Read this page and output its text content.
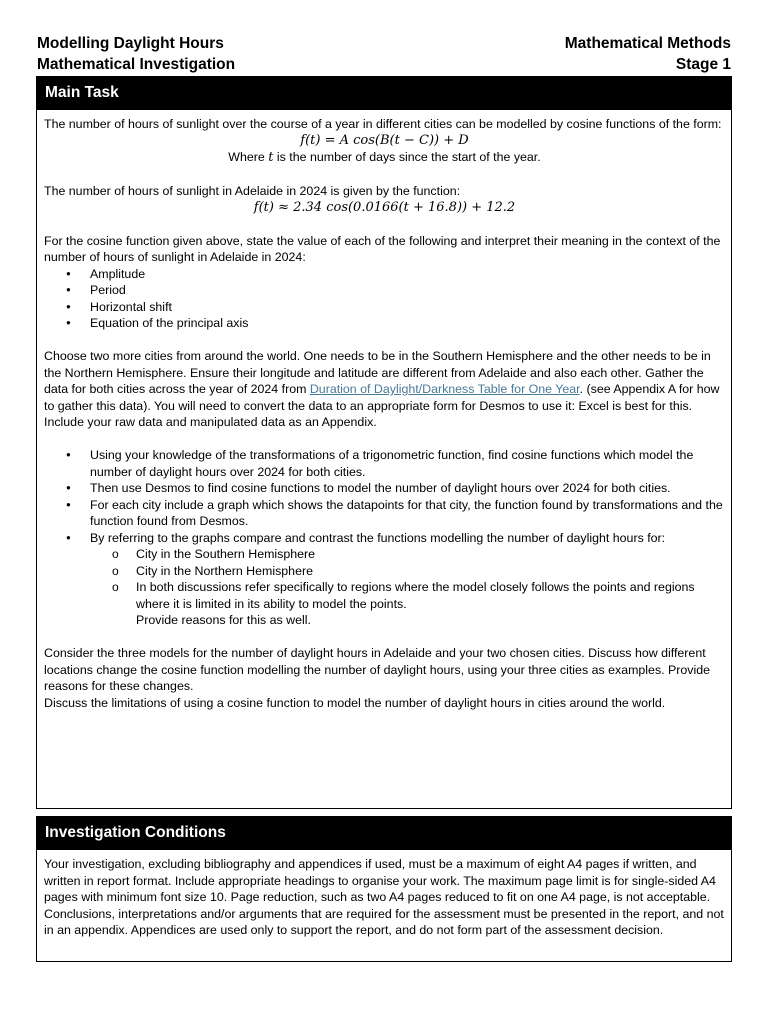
Modelling Daylight Hours
Mathematical Investigation
Mathematical Methods
Stage 1
Main Task

The number of hours of sunlight over the course of a year in different cities can be modelled by cosine functions of the form:

f(t) = A cos(B(t − C)) + D

Where t is the number of days since the start of the year.

The number of hours of sunlight in Adelaide in 2024 is given by the function:

f(t) ≈ 2.34 cos(0.0166(t + 16.8)) + 12.2

For the cosine function given above, state the value of each of the following and interpret their meaning in the context of the number of hours of sunlight in Adelaide in 2024:

● Amplitude
● Period
● Horizontal shift
● Equation of the principal axis

Choose two more cities from around the world. One needs to be in the Southern Hemisphere and the other needs to be in the Northern Hemisphere. Ensure their longitude and latitude are different from Adelaide and also each other. Gather the data for both cities across the year of 2024 from Duration of Daylight/Darkness Table for One Year. (see Appendix A for how to gather this data). You will need to convert the data to an appropriate form for Desmos to use it: Excel is best for this. Include your raw data and manipulated data as an Appendix.

● Using your knowledge of the transformations of a trigonometric function, find cosine functions which model the number of daylight hours over 2024 for both cities.
● Then use Desmos to find cosine functions to model the number of daylight hours over 2024 for both cities.
● For each city include a graph which shows the datapoints for that city, the function found by transformations and the function found from Desmos.
● By referring to the graphs compare and contrast the functions modelling the number of daylight hours for:
o City in the Southern Hemisphere
o City in the Northern Hemisphere
o In both discussions refer specifically to regions where the model closely follows the points and regions where it is limited in its ability to model the points.
Provide reasons for this as well.

Consider the three models for the number of daylight hours in Adelaide and your two chosen cities. Discuss how different locations change the cosine function modelling the number of daylight hours, using your three cities as examples. Provide reasons for these changes.

Discuss the limitations of using a cosine function to model the number of daylight hours in cities around the world.

Investigation Conditions

Your investigation, excluding bibliography and appendices if used, must be a maximum of eight A4 pages if written, and written in report format. Include appropriate headings to organise your work. The maximum page limit is for single-sided A4 pages with minimum font size 10. Page reduction, such as two A4 pages reduced to fit on one A4 page, is not acceptable. Conclusions, interpretations and/or arguments that are required for the assessment must be presented in the report, and not in an appendix. Appendices are used only to support the report, and do not form part of the assessment decision.
